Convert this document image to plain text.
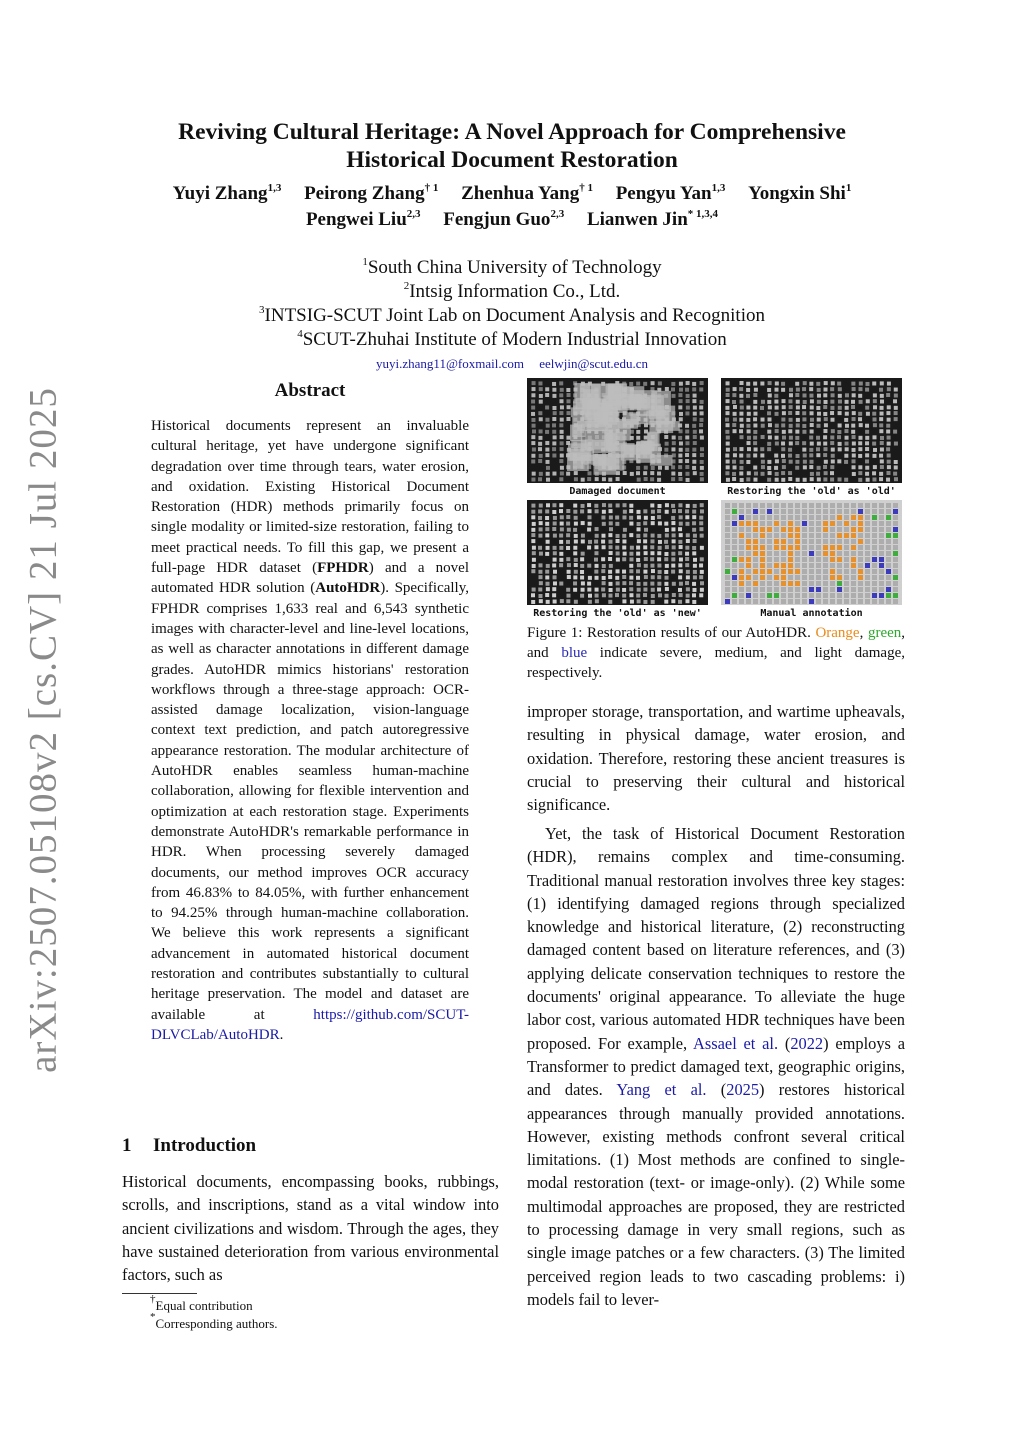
arXiv:2507.05108v2 [cs.CV] 21 Jul 2025
Reviving Cultural Heritage: A Novel Approach for Comprehensive
Historical Document Restoration
Yuyi Zhang$^{1,3}$ Peirong Zhang$^{\dagger 1}$ Zhenhua Yang$^{\dagger 1}$ Pengyu Yan$^{1,3}$ Yongxin Shi$^1$
Pengwei Liu$^{2,3}$ Fengjun Guo$^{2,3}$ Lianwen Jin$^{* 1,3,4}$
$^1$South China University of Technology
$^2$Intsig Information Co., Ltd.
$^3$INTSIG-SCUT Joint Lab on Document Analysis and Recognition
$^4$SCUT-Zhuhai Institute of Modern Industrial Innovation
yuyi.zhang11@foxmail.com eelwjin@scut.edu.cn
Abstract
Historical documents represent an invaluable cultural heritage, yet have undergone significant degradation over time through tears, water erosion, and oxidation. Existing Historical Document Restoration (HDR) methods primarily focus on single modality or limited-size restoration, failing to meet practical needs. To fill this gap, we present a full-page HDR dataset (FPHDR) and a novel automated HDR solution (AutoHDR). Specifically, FPHDR comprises 1,633 real and 6,543 synthetic images with character-level and line-level locations, as well as character annotations in different damage grades. AutoHDR mimics historians' restoration workflows through a three-stage approach: OCR-assisted damage localization, vision-language context text prediction, and patch autoregressive appearance restoration. The modular architecture of AutoHDR enables seamless human-machine collaboration, allowing for flexible intervention and optimization at each restoration stage. Experiments demonstrate AutoHDR's remarkable performance in HDR. When processing severely damaged documents, our method improves OCR accuracy from 46.83% to 84.05%, with further enhancement to 94.25% through human-machine collaboration. We believe this work represents a significant advancement in automated historical document restoration and contributes substantially to cultural heritage preservation. The model and dataset are available at https://github.com/SCUT-DLVCLab/AutoHDR.
1 Introduction
Historical documents, encompassing books, rubbings, scrolls, and inscriptions, stand as a vital window into ancient civilizations and wisdom. Through the ages, they have sustained deterioration from various environmental factors, such as
†Equal contribution
*Corresponding authors.
Damaged document	Restoring the 'old' as 'old'
Restoring the 'old' as 'new'	Manual annotation
Figure 1: Restoration results of our AutoHDR. Orange, green, and blue indicate severe, medium, and light damage, respectively.
improper storage, transportation, and wartime upheavals, resulting in physical damage, water erosion, and oxidation. Therefore, restoring these ancient treasures is crucial to preserving their cultural and historical significance.
Yet, the task of Historical Document Restoration (HDR), remains complex and time-consuming. Traditional manual restoration involves three key stages: (1) identifying damaged regions through specialized knowledge and historical literature, (2) reconstructing damaged content based on literature references, and (3) applying delicate conservation techniques to restore the documents' original appearance. To alleviate the huge labor cost, various automated HDR techniques have been proposed. For example, Assael et al. (2022) employs a Transformer to predict damaged text, geographic origins, and dates. Yang et al. (2025) restores historical appearances through manually provided annotations. However, existing methods confront several critical limitations. (1) Most methods are confined to single-modal restoration (text- or image-only). (2) While some multimodal approaches are proposed, they are restricted to processing damage in very small regions, such as single image patches or a few characters. (3) The limited perceived region leads to two cascading problems: i) models fail to lever-
